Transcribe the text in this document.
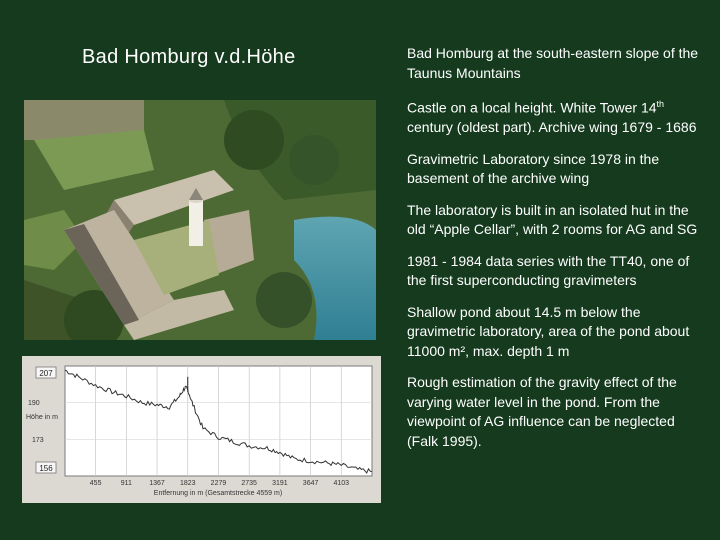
Bad Homburg v.d.Höhe	Bad Homburg at the south-eastern slope of the Taunus Mountains

Castle on a local height. White Tower 14th century (oldest part). Archive wing 1679 - 1686

Gravimetric Laboratory since 1978 in the basement of the archive wing

The laboratory is built in an isolated hut in the old “Apple Cellar”, with 2 rooms for AG and SG

1981 - 1984 data series with the TT40, one of the first superconducting gravimeters

Shallow pond about 14.5 m below the gravimetric laboratory, area of the pond about 11000 m², max. depth 1 m

Rough estimation of the gravity effect of the varying water level in the pond. From the viewpoint of AG influence can be neglected (Falk 1995).

207
156
190
Höhe in m
173
455	911 1367 1823 2279 2735 3191 3647 4103
Entfernung in m (Gesamtstrecke 4559 m)
